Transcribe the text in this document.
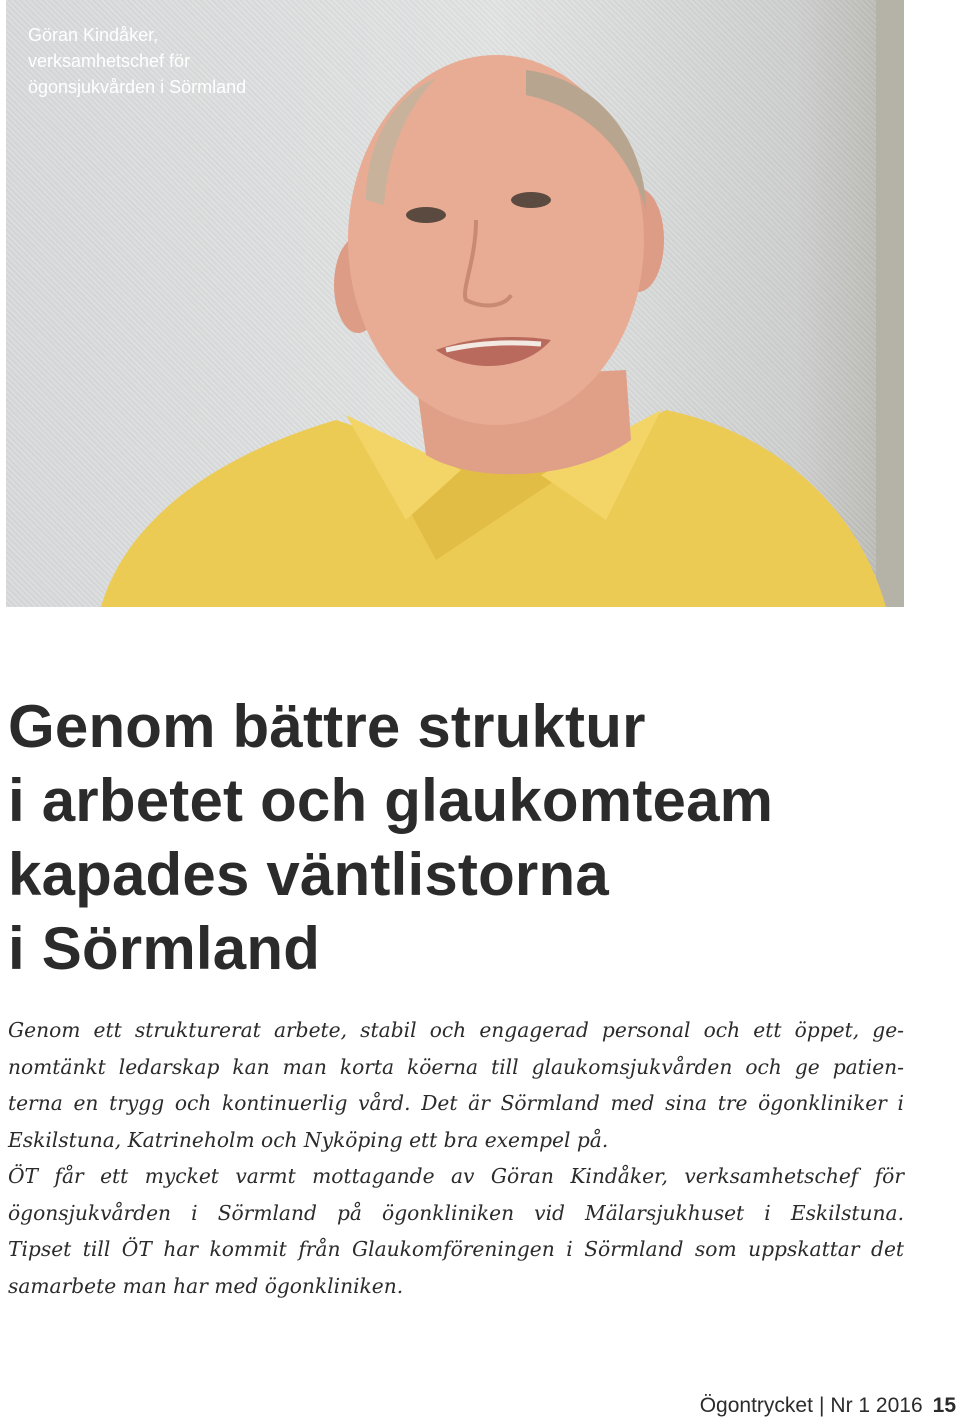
Göran Kindåker, verksamhetschef för ögonsjukvården i Sörmland
Genom bättre struktur
i arbetet och glaukomteam
kapades väntlistorna
i Sörmland
Genom ett strukturerat arbete, stabil och engagerad personal och ett öppet, ge-
nomtänkt ledarskap kan man korta köerna till glaukomsjukvården och ge patien-
terna en trygg och kontinuerlig vård. Det är Sörmland med sina tre ögonkliniker i
Eskilstuna, Katrineholm och Nyköping ett bra exempel på.
ÖT får ett mycket varmt mottagande av Göran Kindåker, verksamhetschef för
ögonsjukvården i Sörmland på ögonkliniken vid Mälarsjukhuset i Eskilstuna.
Tipset till ÖT har kommit från Glaukomföreningen i Sörmland som uppskattar det
samarbete man har med ögonkliniken.
Ögontrycket | Nr 1 2016 15
